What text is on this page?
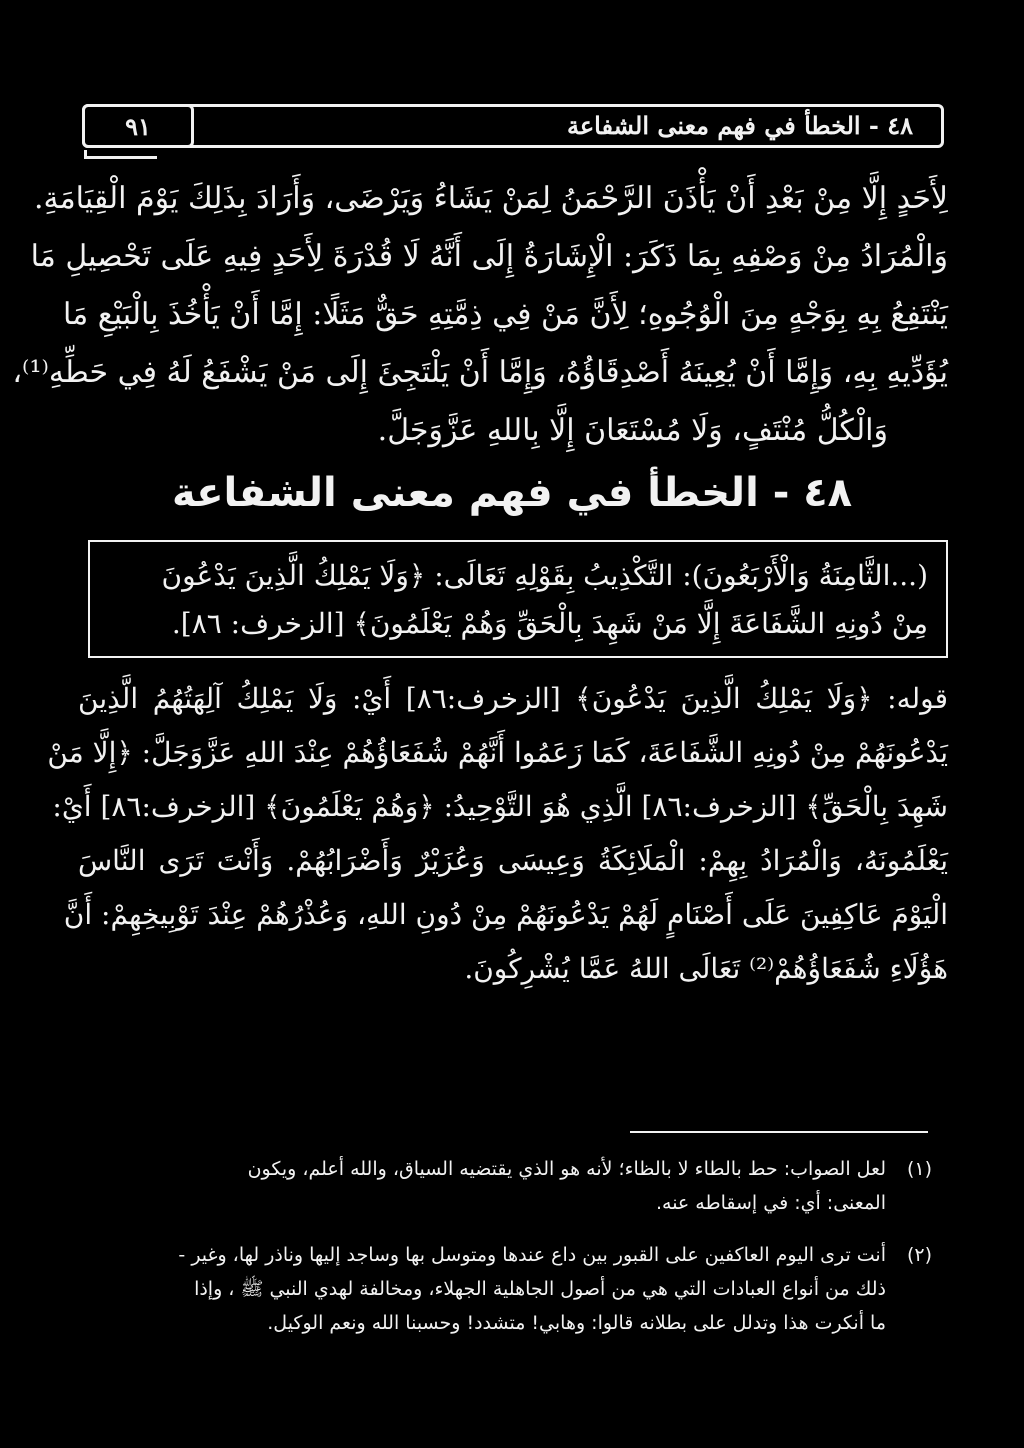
٤٨ - الخطأ في فهم معنى الشفاعة
٩١
لِأَحَدٍ إِلَّا مِنْ بَعْدِ أَنْ يَأْذَنَ الرَّحْمَنُ لِمَنْ يَشَاءُ وَيَرْضَى، وَأَرَادَ بِذَلِكَ يَوْمَ الْقِيَامَةِ.
وَالْمُرَادُ مِنْ وَصْفِهِ بِمَا ذَكَرَ: الْإِشَارَةُ إِلَى أَنَّهُ لَا قُدْرَةَ لِأَحَدٍ فِيهِ عَلَى تَحْصِيلِ مَا
يَنْتَفِعُ بِهِ بِوَجْهٍ مِنَ الْوُجُوهِ؛ لِأَنَّ مَنْ فِي ذِمَّتِهِ حَقٌّ مَثَلًا: إِمَّا أَنْ يَأْخُذَ بِالْبَيْعِ مَا
يُؤَدِّيهِ بِهِ، وَإِمَّا أَنْ يُعِينَهُ أَصْدِقَاؤُهُ، وَإِمَّا أَنْ يَلْتَجِئَ إِلَى مَنْ يَشْفَعُ لَهُ فِي حَطِّهِ⁽¹⁾،
وَالْكُلُّ مُنْتَفٍ، وَلَا مُسْتَعَانَ إِلَّا بِاللهِ عَزَّوَجَلَّ.
٤٨ - الخطأ في فهم معنى الشفاعة
(...الثَّامِنَةُ وَالْأَرْبَعُونَ): التَّكْذِيبُ بِقَوْلِهِ تَعَالَى: ﴿وَلَا يَمْلِكُ الَّذِينَ يَدْعُونَ
مِنْ دُونِهِ الشَّفَاعَةَ إِلَّا مَنْ شَهِدَ بِالْحَقِّ وَهُمْ يَعْلَمُونَ﴾ [الزخرف: ٨٦].
قوله: ﴿وَلَا يَمْلِكُ الَّذِينَ يَدْعُونَ﴾ [الزخرف:٨٦] أَيْ: وَلَا يَمْلِكُ آلِهَتُهُمُ الَّذِينَ
يَدْعُونَهُمْ مِنْ دُونِهِ الشَّفَاعَةَ، كَمَا زَعَمُوا أَنَّهُمْ شُفَعَاؤُهُمْ عِنْدَ اللهِ عَزَّوَجَلَّ: ﴿إِلَّا مَنْ
شَهِدَ بِالْحَقِّ﴾ [الزخرف:٨٦] الَّذِي هُوَ التَّوْحِيدُ: ﴿وَهُمْ يَعْلَمُونَ﴾ [الزخرف:٨٦] أَيْ:
يَعْلَمُونَهُ، وَالْمُرَادُ بِهِمْ: الْمَلَائِكَةُ وَعِيسَى وَعُزَيْرٌ وَأَضْرَابُهُمْ. وَأَنْتَ تَرَى النَّاسَ
الْيَوْمَ عَاكِفِينَ عَلَى أَصْنَامٍ لَهُمْ يَدْعُونَهُمْ مِنْ دُونِ اللهِ، وَعُذْرُهُمْ عِنْدَ تَوْبِيخِهِمْ: أَنَّ
هَؤُلَاءِ شُفَعَاؤُهُمْ⁽²⁾ تَعَالَى اللهُ عَمَّا يُشْرِكُونَ.
(١)
لعل الصواب: حط بالطاء لا بالظاء؛ لأنه هو الذي يقتضيه السياق، والله أعلم، ويكون
المعنى: أي: في إسقاطه عنه.
(٢)
أنت ترى اليوم العاكفين على القبور بين داع عندها ومتوسل بها وساجد إليها وناذر لها، وغير -
ذلك من أنواع العبادات التي هي من أصول الجاهلية الجهلاء، ومخالفة لهدي النبي ﷺ ، وإذا
ما أنكرت هذا وتدلل على بطلانه قالوا: وهابي! متشدد! وحسبنا الله ونعم الوكيل.
